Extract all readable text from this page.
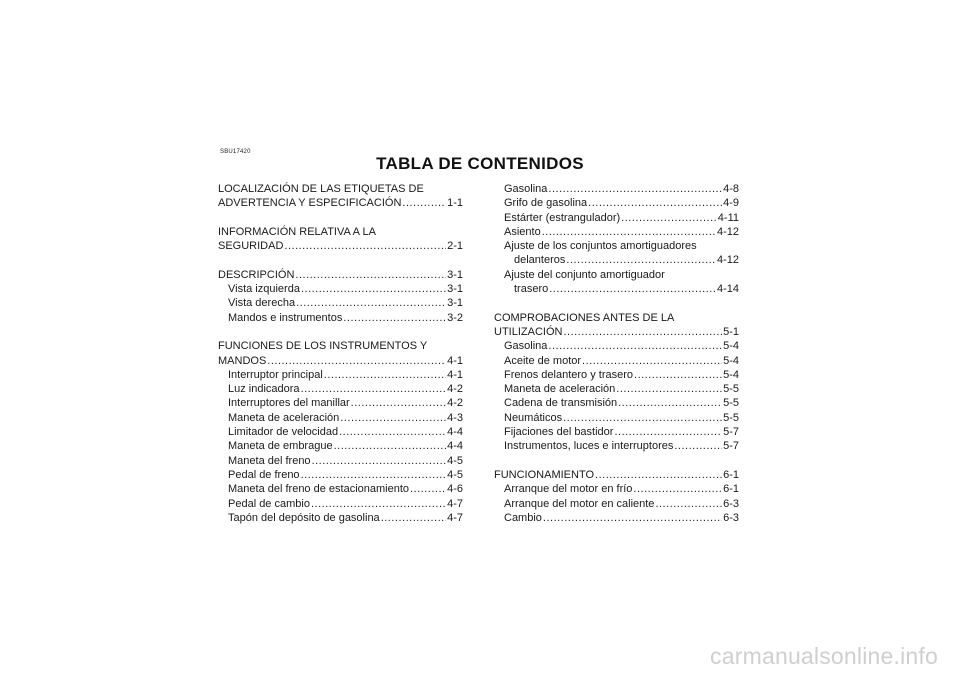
SBU17420
TABLA DE CONTENIDOS
LOCALIZACIÓN DE LAS ETIQUETAS DE
ADVERTENCIA Y ESPECIFICACIÓN .....	1-1
INFORMACIÓN RELATIVA A LA
SEGURIDAD .....	2-1
DESCRIPCIÓN .....	3-1
Vista izquierda .....	3-1
Vista derecha .....	3-1
Mandos e instrumentos .....	3-2
FUNCIONES DE LOS INSTRUMENTOS Y
MANDOS .....	4-1
Interruptor principal .....	4-1
Luz indicadora .....	4-2
Interruptores del manillar .....	4-2
Maneta de aceleración .....	4-3
Limitador de velocidad .....	4-4
Maneta de embrague .....	4-4
Maneta del freno .....	4-5
Pedal de freno .....	4-5
Maneta del freno de estacionamiento .....	4-6
Pedal de cambio .....	4-7
Tapón del depósito de gasolina .....	4-7
Gasolina .....	4-8
Grifo de gasolina .....	4-9
Estárter (estrangulador) .....	4-11
Asiento .....	4-12
Ajuste de los conjuntos amortiguadores
delanteros .....	4-12
Ajuste del conjunto amortiguador
trasero .....	4-14
COMPROBACIONES ANTES DE LA
UTILIZACIÓN .....	5-1
Gasolina .....	5-4
Aceite de motor .....	5-4
Frenos delantero y trasero .....	5-4
Maneta de aceleración .....	5-5
Cadena de transmisión .....	5-5
Neumáticos .....	5-5
Fijaciones del bastidor .....	5-7
Instrumentos, luces e interruptores .....	5-7
FUNCIONAMIENTO .....	6-1
Arranque del motor en frío .....	6-1
Arranque del motor en caliente .....	6-3
Cambio .....	6-3
carmanualsonline.info
